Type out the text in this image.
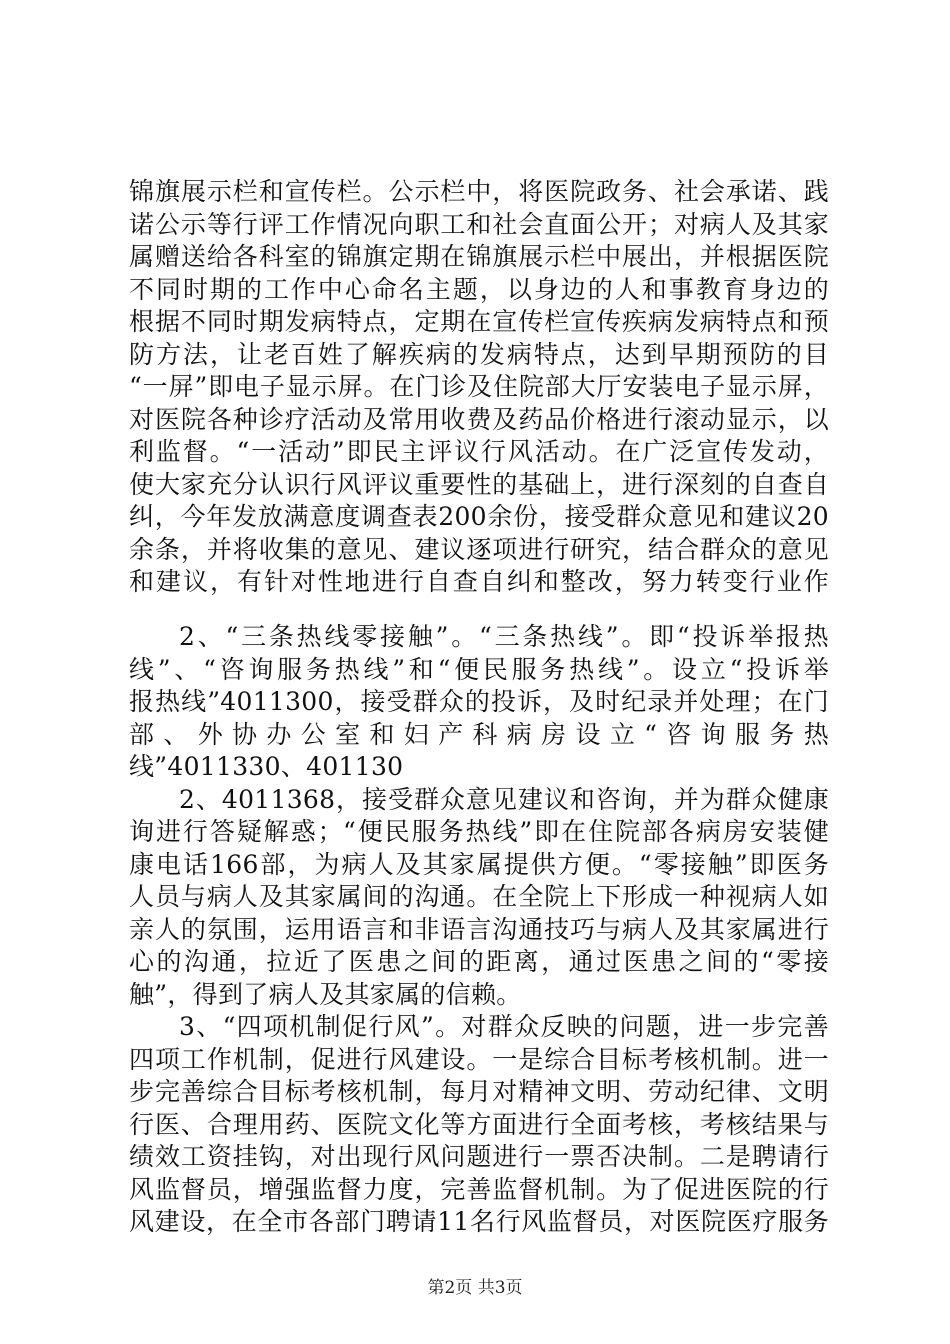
锦旗展示栏和宣传栏。公示栏中，将医院政务、社会承诺、践
诺公示等行评工作情况向职工和社会直面公开；对病人及其家
属赠送给各科室的锦旗定期在锦旗展示栏中展出，并根据医院
不同时期的工作中心命名主题，以身边的人和事教育身边的
根据不同时期发病特点，定期在宣传栏宣传疾病发病特点和预
防方法，让老百姓了解疾病的发病特点，达到早期预防的目
“一屏”即电子显示屏。在门诊及住院部大厅安装电子显示屏，
对医院各种诊疗活动及常用收费及药品价格进行滚动显示，以
利监督。“一活动”即民主评议行风活动。在广泛宣传发动，
使大家充分认识行风评议重要性的基础上，进行深刻的自查自
纠，今年发放满意度调查表200余份，接受群众意见和建议20
余条，并将收集的意见、建议逐项进行研究，结合群众的意见
和建议，有针对性地进行自查自纠和整改，努力转变行业作
2、“三条热线零接触”。“三条热线”。即“投诉举报热
线”、“咨询服务热线”和“便民服务热线”。设立“投诉举
报热线”4011300，接受群众的投诉，及时纪录并处理；在门
部、外协办公室和妇产科病房设立“咨询服务热
线”4011330、401130
2、4011368，接受群众意见建议和咨询，并为群众健康
询进行答疑解惑；“便民服务热线”即在住院部各病房安装健
康电话166部，为病人及其家属提供方便。“零接触”即医务
人员与病人及其家属间的沟通。在全院上下形成一种视病人如
亲人的氛围，运用语言和非语言沟通技巧与病人及其家属进行
心的沟通，拉近了医患之间的距离，通过医患之间的“零接
触”，得到了病人及其家属的信赖。
3、“四项机制促行风”。对群众反映的问题，进一步完善
四项工作机制，促进行风建设。一是综合目标考核机制。进一
步完善综合目标考核机制，每月对精神文明、劳动纪律、文明
行医、合理用药、医院文化等方面进行全面考核，考核结果与
绩效工资挂钩，对出现行风问题进行一票否决制。二是聘请行
风监督员，增强监督力度，完善监督机制。为了促进医院的行
风建设，在全市各部门聘请11名行风监督员，对医院医疗服务
第2页 共3页
